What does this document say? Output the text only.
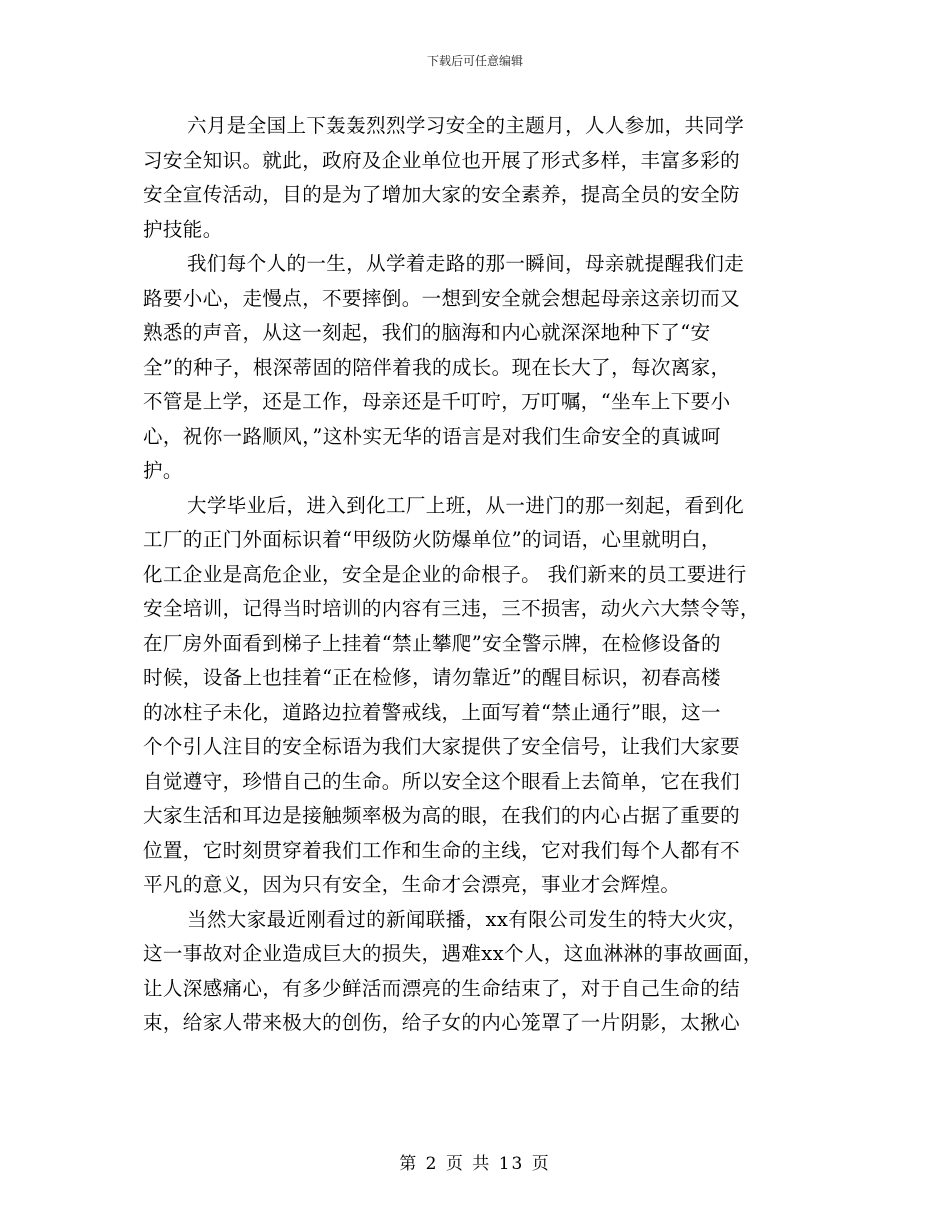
下载后可任意编辑
六月是全国上下轰轰烈烈学习安全的主题月，人人参加，共同学
习安全知识。就此，政府及企业单位也开展了形式多样，丰富多彩的
安全宣传活动，目的是为了增加大家的安全素养，提高全员的安全防
护技能。
我们每个人的一生，从学着走路的那一瞬间，母亲就提醒我们走
路要小心，走慢点，不要摔倒。一想到安全就会想起母亲这亲切而又
熟悉的声音，从这一刻起，我们的脑海和内心就深深地种下了“安
全”的种子，根深蒂固的陪伴着我的成长。现在长大了，每次离家，
不管是上学，还是工作，母亲还是千叮咛，万叮嘱，“坐车上下要小
心，祝你一路顺风，”这朴实无华的语言是对我们生命安全的真诚呵
护。
大学毕业后，进入到化工厂上班，从一进门的那一刻起，看到化
工厂的正门外面标识着“甲级防火防爆单位”的词语，心里就明白，
化工企业是高危企业，安全是企业的命根子。 我们新来的员工要进行
安全培训，记得当时培训的内容有三违，三不损害，动火六大禁令等，
在厂房外面看到梯子上挂着“禁止攀爬”安全警示牌，在检修设备的
时候，设备上也挂着“正在检修，请勿靠近”的醒目标识，初春高楼
的冰柱子未化，道路边拉着警戒线，上面写着“禁止通行”眼，这一
个个引人注目的安全标语为我们大家提供了安全信号，让我们大家要
自觉遵守，珍惜自己的生命。所以安全这个眼看上去简单，它在我们
大家生活和耳边是接触频率极为高的眼，在我们的内心占据了重要的
位置，它时刻贯穿着我们工作和生命的主线，它对我们每个人都有不
平凡的意义，因为只有安全，生命才会漂亮，事业才会辉煌。
当然大家最近刚看过的新闻联播，xx有限公司发生的特大火灾，
这一事故对企业造成巨大的损失，遇难xx个人，这血淋淋的事故画面，
让人深感痛心，有多少鲜活而漂亮的生命结束了，对于自己生命的结
束，给家人带来极大的创伤，给子女的内心笼罩了一片阴影，太揪心
第 2 页 共 13 页
